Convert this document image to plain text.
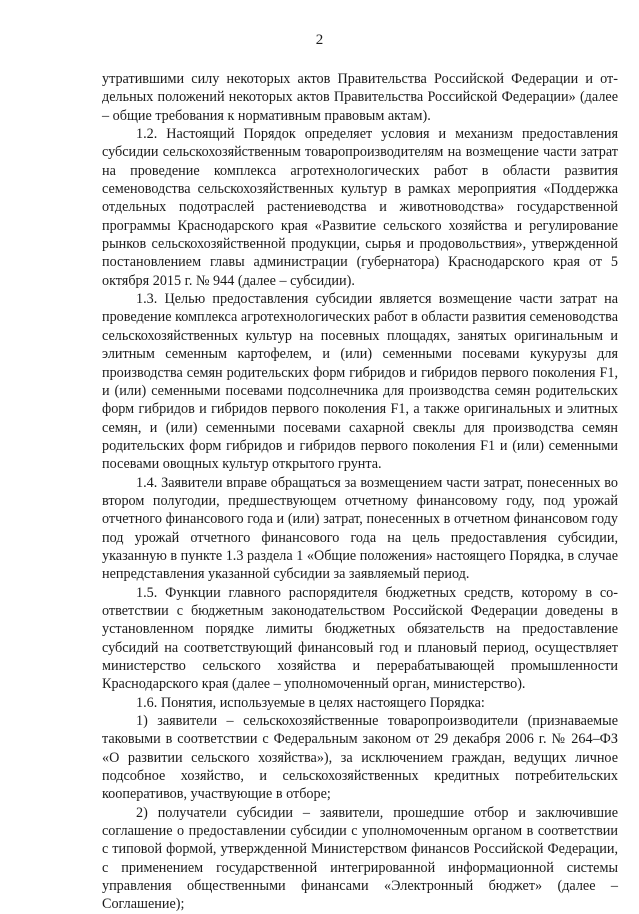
2

утратившими силу некоторых актов Правительства Российской Федерации и отдельных положений некоторых актов Правительства Российской Федерации» (далее – общие требования к нормативным правовым актам).

1.2. Настоящий Порядок определяет условия и механизм предоставления субсидии сельскохозяйственным товаропроизводителям на возмещение части затрат на проведение комплекса агротехнологических работ в области развития семеноводства сельскохозяйственных культур в рамках мероприятия «Поддержка отдельных подотраслей растениеводства и животноводства» государственной программы Краснодарского края «Развитие сельского хозяйства и регулирование рынков сельскохозяйственной продукции, сырья и продовольствия», утвержденной постановлением главы администрации (губернатора) Краснодарского края от 5 октября 2015 г. № 944 (далее – субсидии).

1.3. Целью предоставления субсидии является возмещение части затрат на проведение комплекса агротехнологических работ в области развития семеноводства сельскохозяйственных культур на посевных площадях, занятых оригинальным и элитным семенным картофелем, и (или) семенными посевами кукурузы для производства семян родительских форм гибридов и гибридов первого поколения F1, и (или) семенными посевами подсолнечника для производства семян родительских форм гибридов и гибридов первого поколения F1, а также оригинальных и элитных семян, и (или) семенными посевами сахарной свеклы для производства семян родительских форм гибридов и гибридов первого поколения F1 и (или) семенными посевами овощных культур открытого грунта.

1.4. Заявители вправе обращаться за возмещением части затрат, понесенных во втором полугодии, предшествующем отчетному финансовому году, под урожай отчетного финансового года и (или) затрат, понесенных в отчетном финансовом году под урожай отчетного финансового года на цель предоставления субсидии, указанную в пункте 1.3 раздела 1 «Общие положения» настоящего Порядка, в случае непредставления указанной субсидии за заявляемый период.

1.5. Функции главного распорядителя бюджетных средств, которому в соответствии с бюджетным законодательством Российской Федерации доведены в установленном порядке лимиты бюджетных обязательств на предоставление субсидий на соответствующий финансовый год и плановый период, осуществляет министерство сельского хозяйства и перерабатывающей промышленности Краснодарского края (далее – уполномоченный орган, министерство).

1.6. Понятия, используемые в целях настоящего Порядка:

1) заявители – сельскохозяйственные товаропроизводители (признаваемые таковыми в соответствии с Федеральным законом от 29 декабря 2006 г. № 264–ФЗ «О развитии сельского хозяйства»), за исключением граждан, ведущих личное подсобное хозяйство, и сельскохозяйственных кредитных потребительских кооперативов, участвующие в отборе;

2) получатели субсидии – заявители, прошедшие отбор и заключившие соглашение о предоставлении субсидии с уполномоченным органом в соответствии с типовой формой, утвержденной Министерством финансов Российской Федерации, с применением государственной интегрированной информационной системы управления общественными финансами «Электронный бюджет» (далее – Соглашение);
